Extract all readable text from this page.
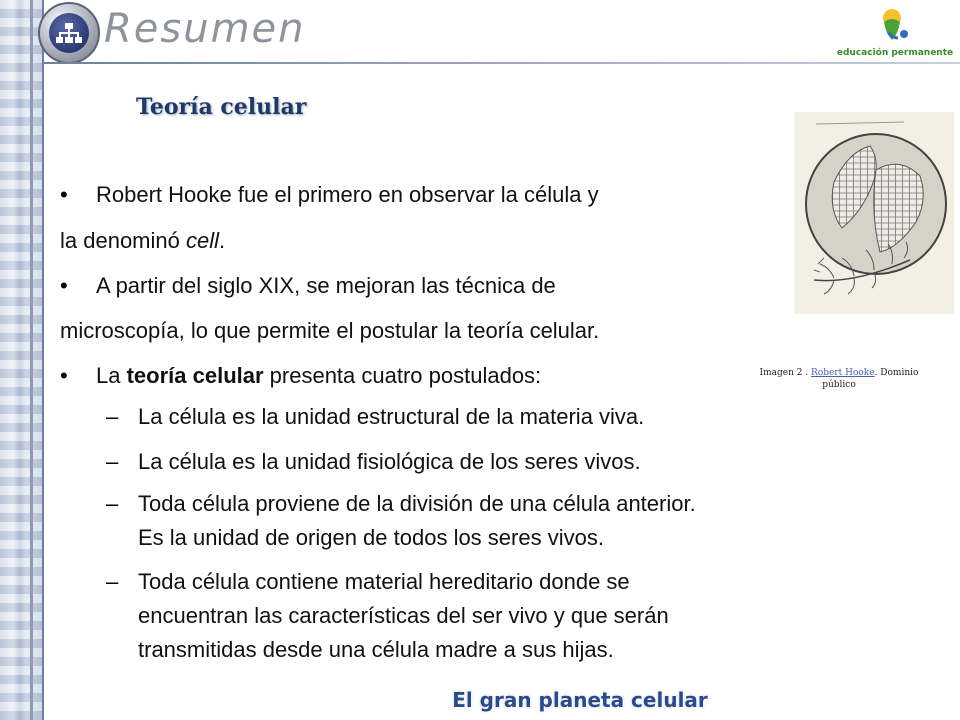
Resumen
educación permanente
Teoría celular
• Robert Hooke fue el primero en observar la célula y
la denominó cell.
• A partir del siglo XIX, se mejoran las técnica de
microscopía, lo que permite el postular la teoría celular.
• La teoría celular presenta cuatro postulados:
– La célula es la unidad estructural de la materia viva.
– La célula es la unidad fisiológica de los seres vivos.
– Toda célula proviene de la división de una célula anterior.
Es la unidad de origen de todos los seres vivos.
– Toda célula contiene material hereditario donde se
encuentran las características del ser vivo y que serán
transmitidas desde una célula madre a sus hijas.
Imagen 2 . Robert Hooke. Dominio
público
El gran planeta celular
